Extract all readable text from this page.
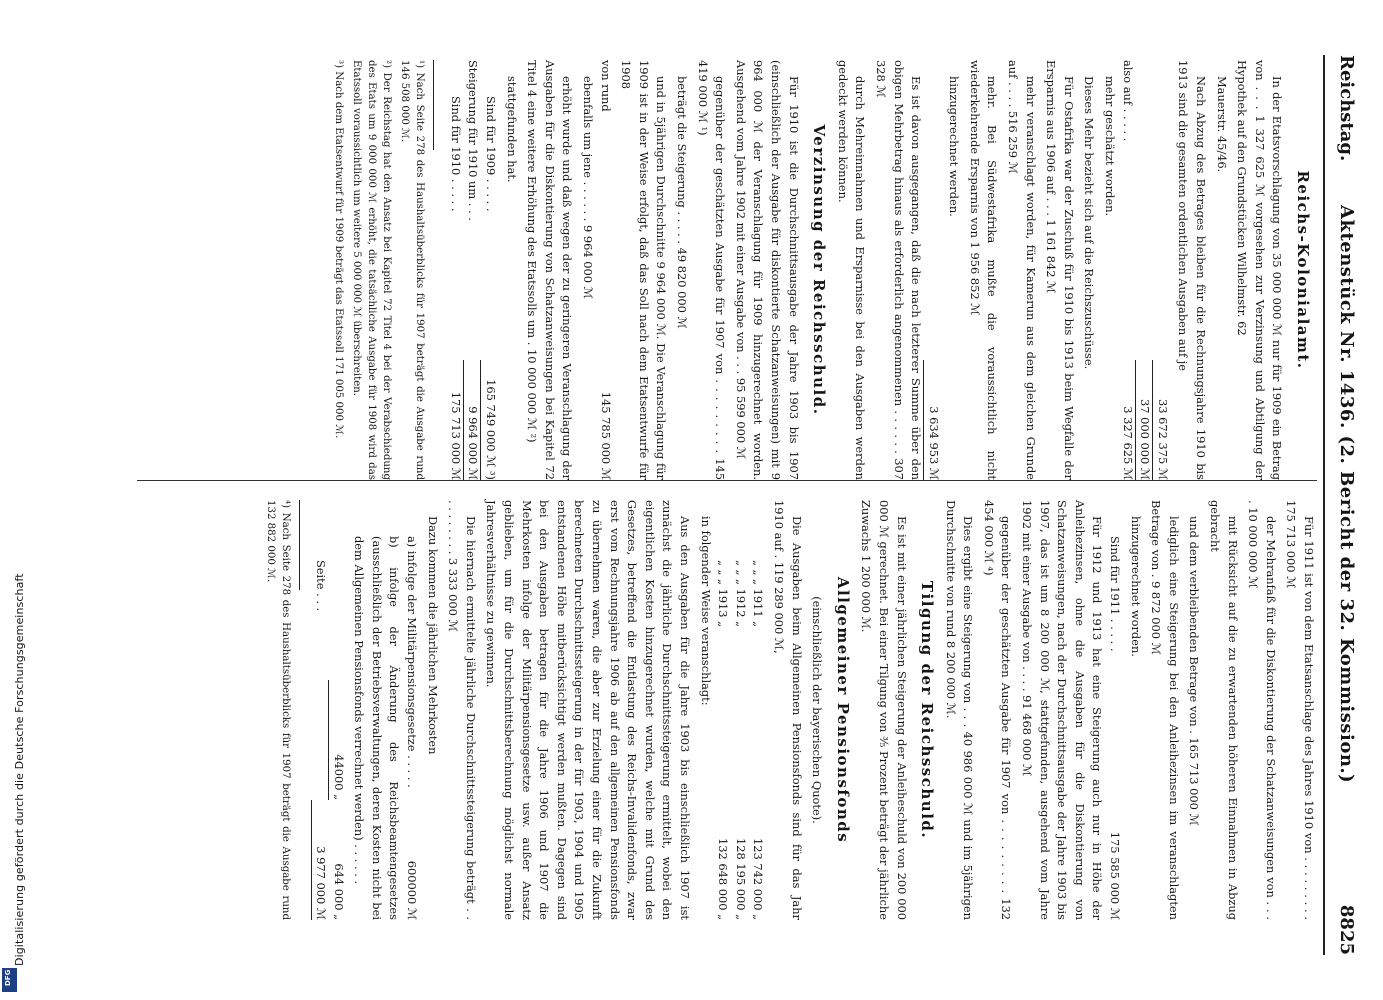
Digitalisierung gefördert durch die Deutsche Forschungsgemeinschaft
DFG
Reichstag.
Aktenstück Nr. 1436. (2. Bericht der 32. Kommission.)
8825
Reichs-Kolonialamt.

In der Etatsvorschlagung von 35 000 000 ℳ nur für 1909 ein Betrag von . . . 1 327 625 ℳ vorgesehen zur Verzinsung und Abtilgung der Hypothek auf den Grundstücken Wilhelmstr. 62

Mauerstr. 45/46.

Nach Abzug des Betrages bleiben für die Rechnungsjahre 1910 bis 1913 sind die gesamten ordentlichen Ausgaben auf je

33 672 375 ℳ
37 000 000 ℳ
also auf . . . . .
3 327 625 ℳ

mehr geschätzt worden.

Dieses Mehr bezieht sich auf die Reichszuschüsse.

Für Ostafrika war der Zuschuß für 1910 bis 1913 beim Wegfalle der Ersparnis aus 1906 auf . . . 1 161 842 ℳ

mehr veranschlagt worden, für Kamerun aus dem gleichen Grunde auf . . . . 516 259 ℳ

mehr. Bei Südwestafrika mußte die voraussichtlich nicht wiederkehrende Ersparnis von 1 956 852 ℳ

hinzugerechnet werden.

3 634 953 ℳ

Es ist davon ausgegangen, daß die nach letzterer Summe über den obigen Mehrbetrag hinaus als erforderlich angenommenen . . . . . . 307 328 ℳ

durch Mehreinnahmen und Ersparnisse bei den Ausgaben werden gedeckt werden können.

Verzinsung der Reichsschuld.

Für 1910 ist die Durchschnittsausgabe der Jahre 1903 bis 1907 (einschließlich der Ausgabe für diskontierte Schatzanweisungen) mit 9 964 000 ℳ der Veranschlagung für 1909 hinzugerechnet worden. Ausgehend vom Jahre 1902 mit einer Ausgabe von . . . 95 599 000 ℳ

gegenüber der geschätzten Ausgabe für 1907 von . . . . . . . . . 145 419 000 ℳ ¹)

beträgt die Steigerung . . . . . 49 820 000 ℳ

und in 5jährigen Durchschnitte 9 964 000 ℳ. Die Veranschlagung für 1909 ist in der Weise erfolgt, daß das Soll nach dem Etatsentwurfe für 1908

von rund
145 785 000 ℳ

ebenfalls um jene . . . . . . 9 964 000 ℳ

erhöht wurde und daß wegen der zu geringeren Veranschlagung der Ausgaben für die Diskontierung von Schatzanweisungen bei Kapitel 72 Titel 4 eine weitere Erhöhung des Etatssolls um . 10 000 000 ℳ ²)

stattgefunden hat.

Sind für 1909 . . . . .
165 749 000 ℳ ³)
Steigerung für 1910 um . . .
9 964 000 ℳ
Sind für 1910 . . . . .
175 713 000 ℳ

¹) Nach Seite 278 des Haushaltsüberblicks für 1907 beträgt die Ausgabe rund 146 508 000 ℳ.

²) Der Reichstag hat den Ansatz bei Kapitel 72 Titel 4 bei der Verabschiedung des Etats um 9 000 000 ℳ erhöht, die tatsächliche Ausgabe für 1908 wird das Etatssoll voraussichtlich um weitere 5 000 000 ℳ überschreiten.

³) Nach dem Etatsentwurf für 1909 beträgt das Etatssoll 171 005 000 ℳ.

Für 1911 ist von dem Etatsanschlage des Jahres 1910 von . . . . . . . . . 175 713 000 ℳ

der Mehranfaß für die Diskontierung der Schatzanweisungen von . . . . 10 000 000 ℳ

mit Rücksicht auf die zu erwartenden höheren Einnahmen in Abzug gebracht

und dem verbleibenden Betrage von . 165 713 000 ℳ

lediglich eine Steigerung bei den Anleihezinsen im veranschlagten Betrage von . 9 872 000 ℳ

hinzugerechnet worden.

Sind für 1911 . . . . .
175 585 000 ℳ

Für 1912 und 1913 hat eine Steigerung auch nur in Höhe der Anleihezinsen, ohne die Ausgaben für die Diskontierung von Schatzanweisungen, nach der Durchschnittsausgabe der Jahre 1903 bis 1907, das ist um 8 200 000 ℳ, stattgefunden, ausgehend vom Jahre 1902 mit einer Ausgabe von . . . . 91 468 000 ℳ

gegenüber der geschätzten Ausgabe für 1907 von . . . . . . . . . 132 454 000 ℳ ⁴)

Dies ergibt eine Steigerung von . . . 40 986 000 ℳ und im 5jährigen Durchschnitte von rund 8 200 000 ℳ.

Tilgung der Reichsschuld.

Es ist mit einer jährlichen Steigerung der Anleiheschuld von 200 000 000 ℳ gerechnet. Bei einer Tilgung von ³⁄₅ Prozent beträgt der jährliche Zuwachs 1 200 000 ℳ.

Allgemeiner Pensionsfonds

(einschließlich der bayerischen Quote).

Die Ausgaben beim Allgemeinen Pensionsfonds sind für das Jahr 1910 auf . 119 289 000 ℳ,

„ „ „ 1911 „
123 742 000 „
„ „ „ 1912 „
128 195 000 „
„ „ „ 1913 „
132 648 000 „

in folgender Weise veranschlagt:

Aus den Ausgaben für die Jahre 1903 bis einschließlich 1907 ist zunächst die jährliche Durchschnittssteigerung ermittelt, wobei den eigentlichen Kosten hinzugerechnet wurden, welche mit Grund des Gesetzes, betreffend die Entlastung des Reichs-Invalidenfonds, zwar erst vom Rechnungsjahre 1906 ab auf den allgemeinen Pensionsfonds zu übernehmen waren, die aber zur Erzielung einer für die Zukunft berechneten Durchschnittssteigerung in der für 1903, 1904 und 1905 entstandenen Höhe mitberücksichtigt werden mußten. Dagegen sind bei den Ausgaben betragen für die Jahre 1906 und 1907 die Mehrkosten infolge der Militärpensionsgesetze usw. außer Ansatz geblieben, um für die Durchschnittsberechnung möglichst normale Jahresverhältnisse zu gewinnen.

Die hiernach ermittelte jährliche Durchschnittssteigerung beträgt . . . . . . . . . . 3 333 000 ℳ

Dazu kommen die jährlichen Mehrkosten

a) infolge der Militärpensionsgesetze . . . . .
600000 ℳ

b) infolge der Änderung des Reichsbeamtengesetzes (ausschließlich der Betriebsverwaltungen, deren Kosten nicht bei dem Allgemeinen Pensionsfonds verrechnet werden) . . . . . .

44000 „
644 000 „
Seite . . .
3 977 000 ℳ

⁴) Nach Seite 278 des Haushaltsüberblicks für 1907 beträgt die Ausgabe rund 132 882 000 ℳ.
